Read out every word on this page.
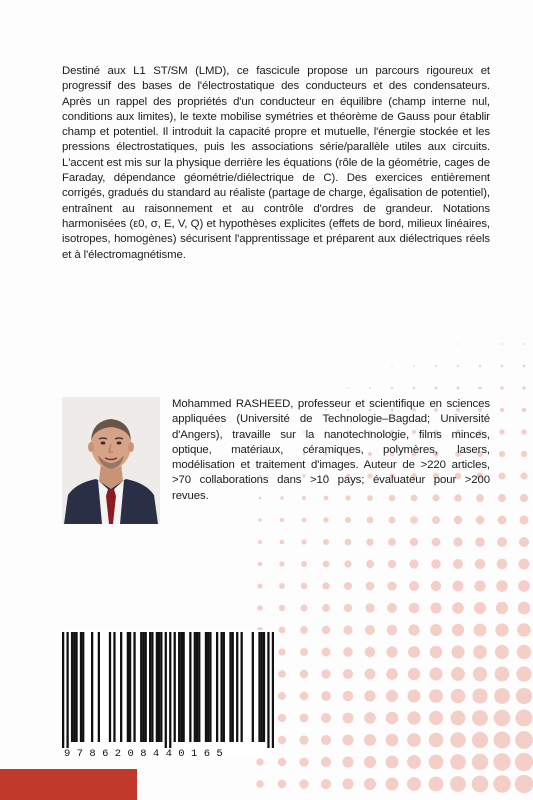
Destiné aux L1 ST/SM (LMD), ce fascicule propose un parcours rigoureux et progressif des bases de l'électrostatique des conducteurs et des condensateurs. Après un rappel des propriétés d'un conducteur en équilibre (champ interne nul, conditions aux limites), le texte mobilise symétries et théorème de Gauss pour établir champ et potentiel. Il introduit la capacité propre et mutuelle, l'énergie stockée et les pressions électrostatiques, puis les associations série/parallèle utiles aux circuits. L'accent est mis sur la physique derrière les équations (rôle de la géométrie, cages de Faraday, dépendance géométrie/diélectrique de C). Des exercices entièrement corrigés, gradués du standard au réaliste (partage de charge, égalisation de potentiel), entraînent au raisonnement et au contrôle d'ordres de grandeur. Notations harmonisées (ε0, σ, E, V, Q) et hypothèses explicites (effets de bord, milieux linéaires, isotropes, homogènes) sécurisent l'apprentissage et préparent aux diélectriques réels et à l'électromagnétisme.

Mohammed RASHEED, professeur et scientifique en sciences appliquées (Université de Technologie–Bagdad; Université d'Angers), travaille sur la nanotechnologie, films minces, optique, matériaux, céramiques, polymères, lasers, modélisation et traitement d'images. Auteur de >220 articles, >70 collaborations dans >10 pays; évaluateur pour >200 revues.

9786208440165
